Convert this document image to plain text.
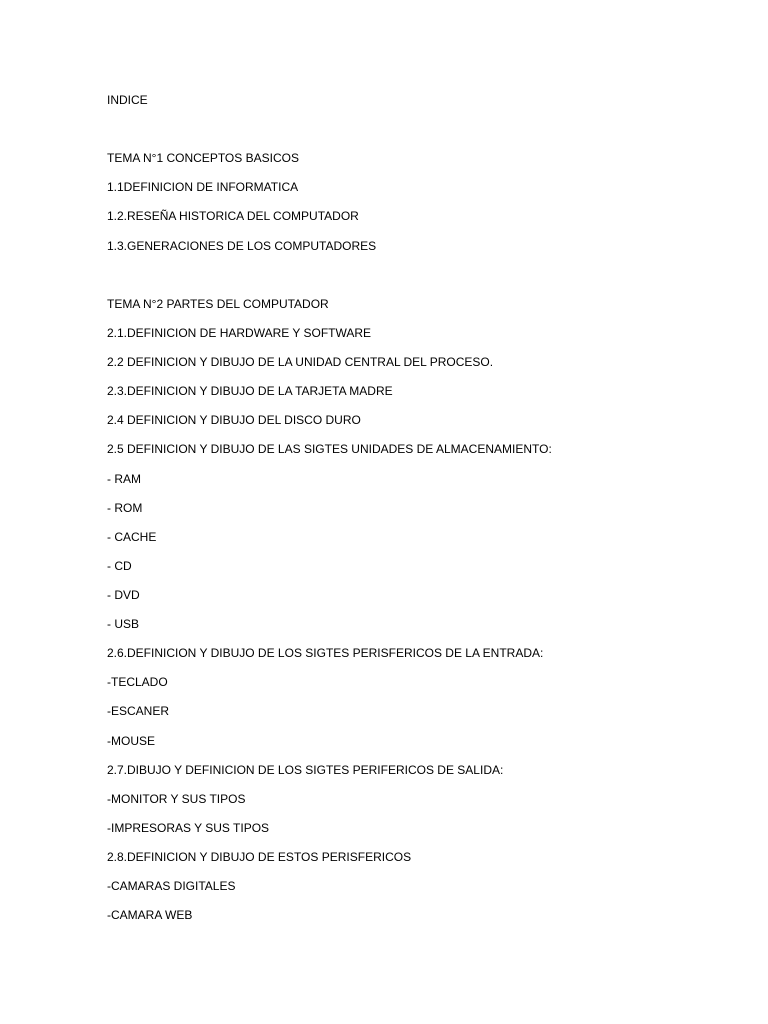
INDICE
TEMA N°1 CONCEPTOS BASICOS
1.1DEFINICION DE INFORMATICA
1.2.RESEÑA HISTORICA DEL COMPUTADOR
1.3.GENERACIONES DE LOS COMPUTADORES
TEMA N°2 PARTES DEL COMPUTADOR
2.1.DEFINICION DE HARDWARE Y SOFTWARE
2.2 DEFINICION Y DIBUJO DE LA UNIDAD CENTRAL DEL PROCESO.
2.3.DEFINICION Y DIBUJO DE LA TARJETA MADRE
2.4 DEFINICION Y DIBUJO DEL DISCO DURO
2.5 DEFINICION Y DIBUJO DE LAS SIGTES UNIDADES DE ALMACENAMIENTO:
- RAM
- ROM
- CACHE
- CD
- DVD
- USB
2.6.DEFINICION Y DIBUJO DE LOS SIGTES PERISFERICOS DE LA ENTRADA:
-TECLADO
-ESCANER
-MOUSE
2.7.DIBUJO Y DEFINICION DE LOS SIGTES PERIFERICOS DE SALIDA:
-MONITOR Y SUS TIPOS
-IMPRESORAS Y SUS TIPOS
2.8.DEFINICION Y DIBUJO DE ESTOS PERISFERICOS
-CAMARAS DIGITALES
-CAMARA WEB
